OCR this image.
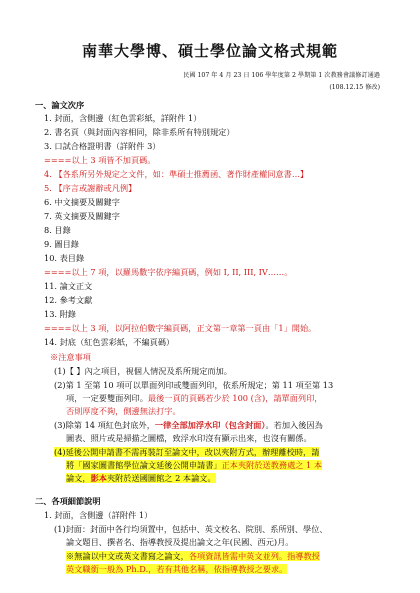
南華大學博、碩士學位論文格式規範
民國 107 年 4 月 23 日 106 學年度第 2 學期第 1 次教務會議修訂通過
(108.12.15 修改)
一、論文次序
1. 封面，含側邊（紅色雲彩紙，詳附件 1）
2. 書名頁（與封面內容相同，除非系所有特別規定）
3. 口試合格證明書（詳附件 3）
====以上 3 項皆不加頁碼。
4. 【各系所另外規定之文件，如：準碩士推薦函、著作財產權同意書…】
5. 【序言或謝辭或凡例】
6. 中文摘要及關鍵字
7. 英文摘要及關鍵字
8. 目錄
9. 圖目錄
10. 表目錄
====以上 7 項，以羅馬數字依序編頁碼，例如 I, II, III, IV……。
11. 論文正文
12. 參考文獻
13. 附錄
====以上 3 項，以阿拉伯數字編頁碼，正文第一章第一頁由「1」開始。
14. 封底（紅色雲彩紙，不編頁碼）
※注意事項
(1)【 】內之項目，視個人情況及系所規定而加。
(2)第 1 至第 10 項可以單面列印或雙面列印，依系所規定；第 11 項至第 13
項，一定要雙面列印。最後一頁的頁碼若少於 100 (含)，請單面列印，
否則厚度不夠，側邊無法打字。
(3)除第 14 項紅色封底外，一律全部加浮水印（包含封面）。若加入後因為
圖表、照片或是掃描之圖檔，致浮水印沒有顯示出來，也沒有關係。
(4)延後公開申請書不需再裝訂至論文中，改以夾附方式，辦理離校時，請
將「國家圖書館學位論文延後公開申請書」正本夾附於送教務處之 1 本
論文，影本夾附於送國圖館之 2 本論文。
二、各項細節說明
1. 封面，含側邊（詳附件 1）
(1)封面：封面中各行均須置中，包括中、英文校名、院別、系所別、學位、
論文題目、撰者名、指導教授及提出論文之年(民國、西元)月。
※無論以中文或英文書寫之論文，各項資訊皆需中英文並列。指導教授
英文職銜一般為 Ph.D.，若有其他名稱，依指導教授之要求。
